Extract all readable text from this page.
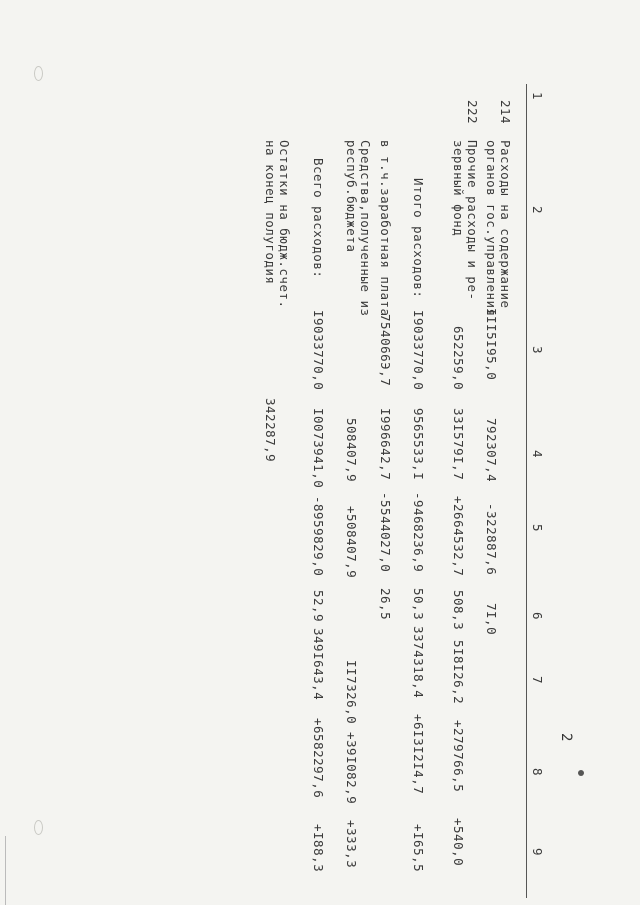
2
1
2
3
4
5
6
7
8
9
214
Расходы на содержание
органов гос.управления
III5I95,0
792307,4
-322887,6
7I,0
222
Прочие расходы и ре-
зервный фонд
652259,0
33I579I,7
+2664532,7
508,3
5I8I26,2
+279766,5
+540,0
Итого расходов:
I9033770,0
9565533,I
-9468236,9
50,3
3374318,4
+6I3I2I4,7
+I65,5
в т.ч.заработная плата
754066Э,7
I996642,7
-5544027,0
26,5
Средства,полученные из
респуб.бюджета
508407,9
+508407,9
II7326,0
+39I082,9
+333,3
Всего расходов:
I9033770,0
I0073941,0
-8959829,0
52,9
349I643,4
+6582297,6
+I88,3
Остатки на бюдж.счет.
на конец полугодия
342287,9
